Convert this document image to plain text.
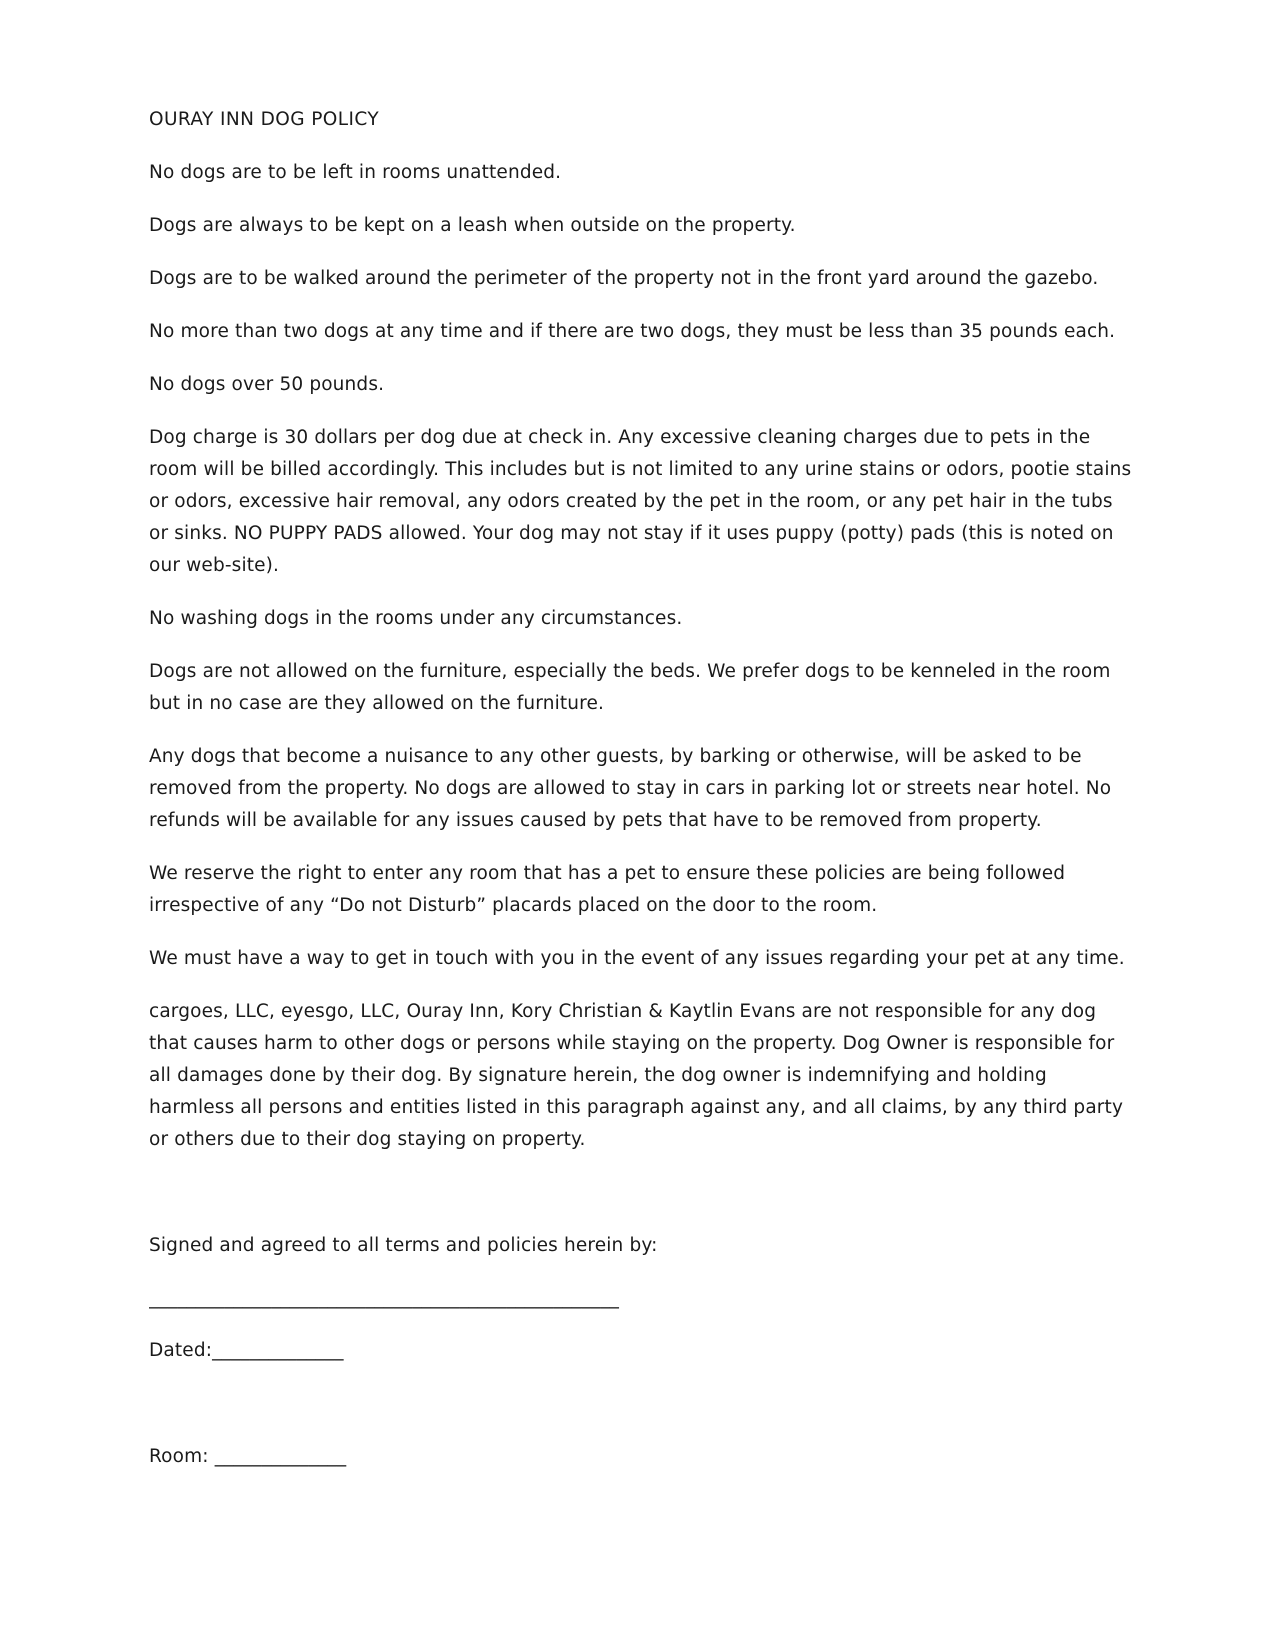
OURAY INN DOG POLICY

No dogs are to be left in rooms unattended.

Dogs are always to be kept on a leash when outside on the property.

Dogs are to be walked around the perimeter of the property not in the front yard around the gazebo.

No more than two dogs at any time and if there are two dogs, they must be less than 35 pounds each.

No dogs over 50 pounds.

Dog charge is 30 dollars per dog due at check in. Any excessive cleaning charges due to pets in the room will be billed accordingly. This includes but is not limited to any urine stains or odors, pootie stains or odors, excessive hair removal, any odors created by the pet in the room, or any pet hair in the tubs or sinks. NO PUPPY PADS allowed. Your dog may not stay if it uses puppy (potty) pads (this is noted on our web-site).

No washing dogs in the rooms under any circumstances.

Dogs are not allowed on the furniture, especially the beds. We prefer dogs to be kenneled in the room but in no case are they allowed on the furniture.

Any dogs that become a nuisance to any other guests, by barking or otherwise, will be asked to be removed from the property. No dogs are allowed to stay in cars in parking lot or streets near hotel. No refunds will be available for any issues caused by pets that have to be removed from property.

We reserve the right to enter any room that has a pet to ensure these policies are being followed irrespective of any “Do not Disturb” placards placed on the door to the room.

We must have a way to get in touch with you in the event of any issues regarding your pet at any time.

cargoes, LLC, eyesgo, LLC, Ouray Inn, Kory Christian & Kaytlin Evans are not responsible for any dog that causes harm to other dogs or persons while staying on the property. Dog Owner is responsible for all damages done by their dog. By signature herein, the dog owner is indemnifying and holding harmless all persons and entities listed in this paragraph against any, and all claims, by any third party or others due to their dog staying on property.

Signed and agreed to all terms and policies herein by:

__________________________________________________

Dated:______________

Room: ______________
